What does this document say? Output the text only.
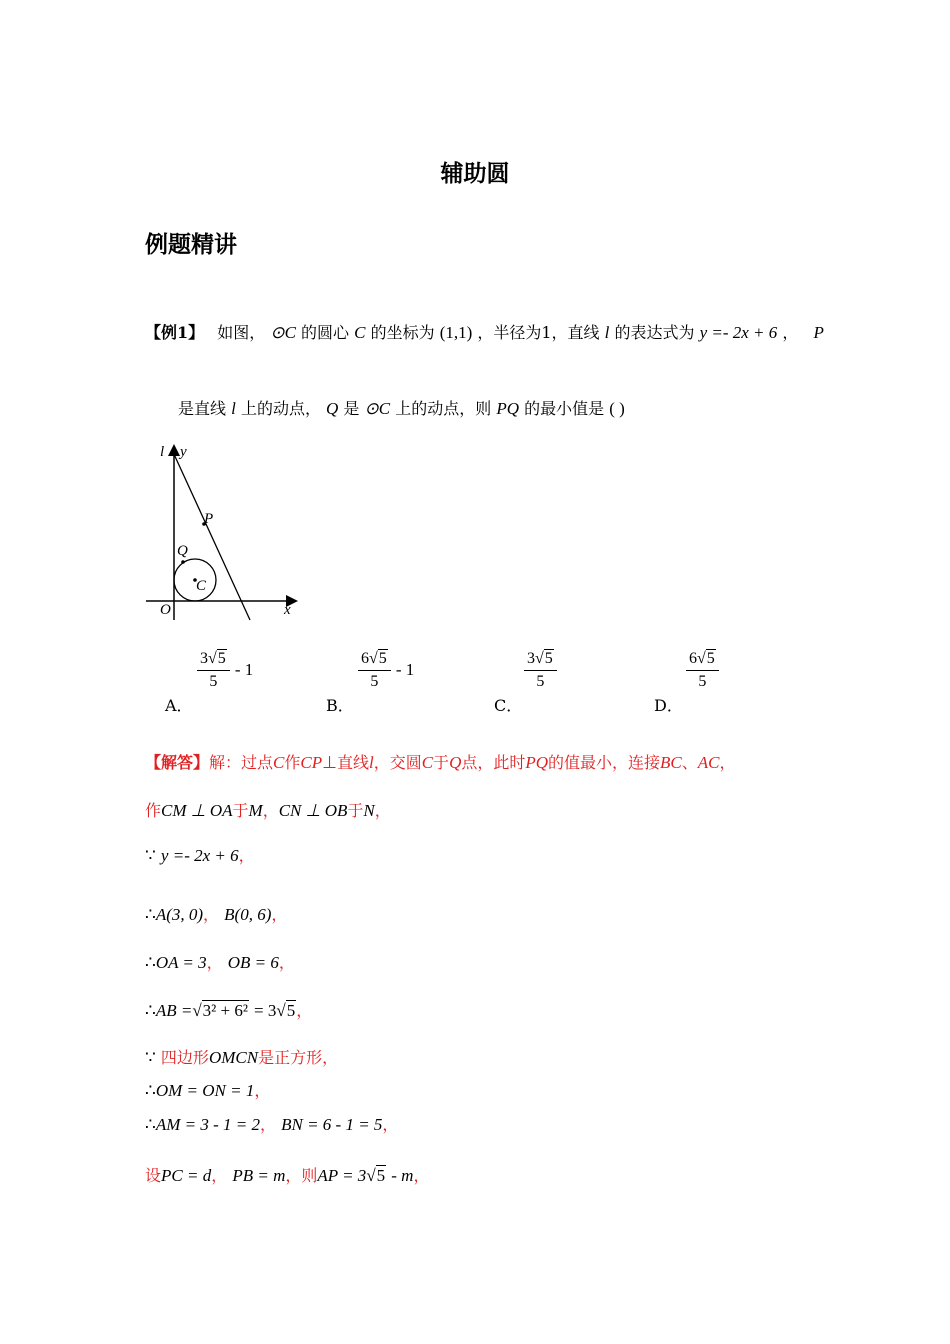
辅助圆
例题精讲
【例1】 如图， ⊙C 的圆心 C 的坐标为 (1,1) ，半径为1，直线 l 的表达式为 y =- 2x + 6 ， P
是直线 l 上的动点， Q 是 ⊙C 上的动点，则 PQ 的最小值是 ( )
l y
x
O
P
Q
C
$\frac{3√5}{5} - 1$
A．
$\frac{6√5}{5} - 1$
B．
$\frac{3√5}{5}$
C．
$\frac{6√5}{5}$
D．
【解答】解：过点C作CP⊥直线l，交圆C于Q点，此时PQ的值最小，连接BC、AC，
作CM ⊥ OA于M，CN ⊥ OB于N，
∵ y =- 2x + 6，
∴A(3, 0)， B(0, 6)，
∴OA = 3， OB = 6，
∴AB =√3² + 6² = 3√5，
∵ 四边形OMCN是正方形，
∴OM = ON = 1，
∴AM = 3 - 1 = 2， BN = 6 - 1 = 5，
设PC = d， PB = m，则AP = 3√5 - m，
